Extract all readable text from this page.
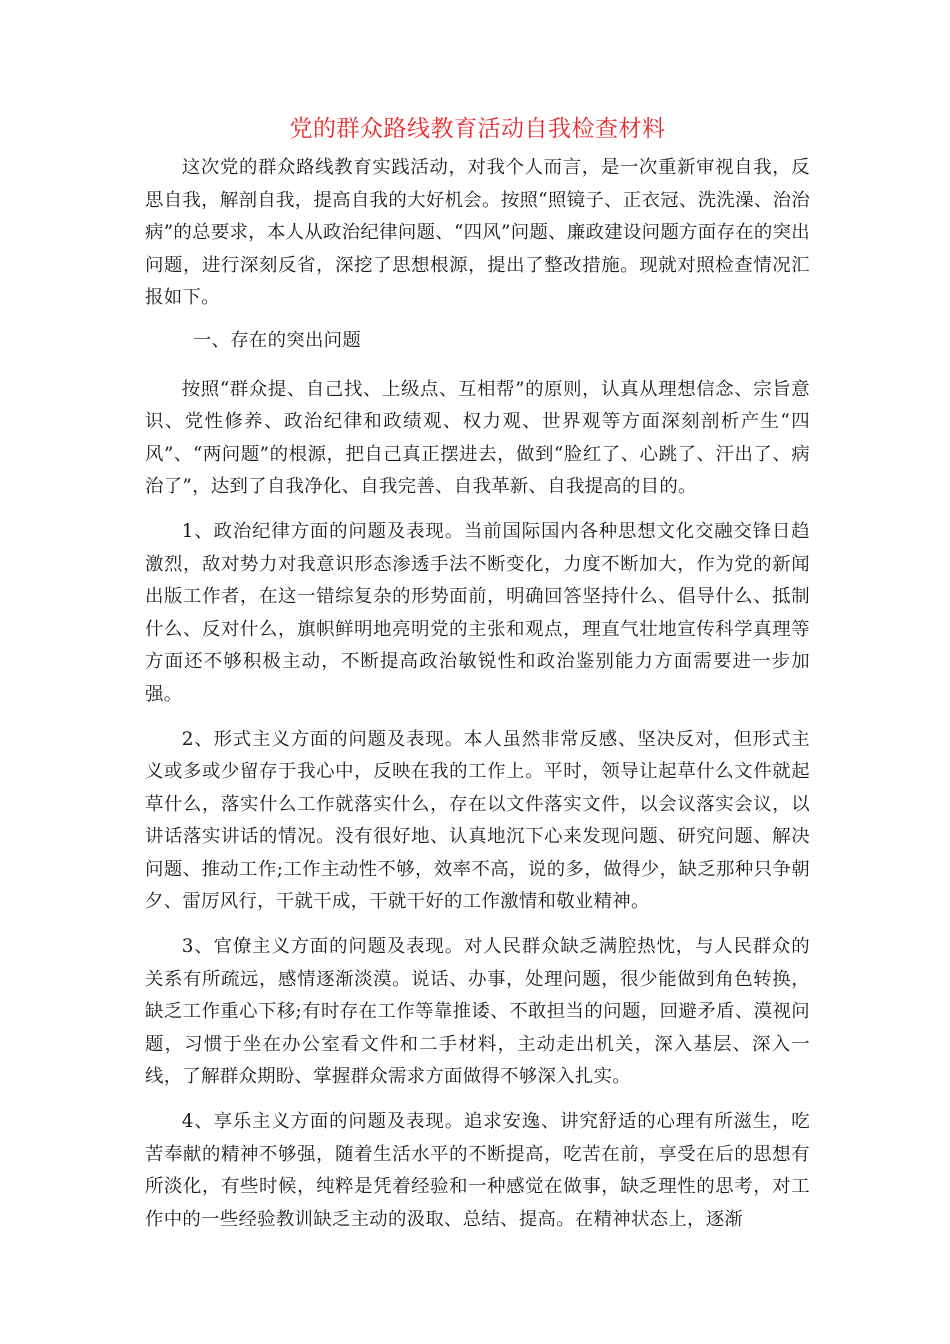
党的群众路线教育活动自我检查材料

这次党的群众路线教育实践活动，对我个人而言，是一次重新审视自我，反思自我，解剖自我，提高自我的大好机会。按照“照镜子、正衣冠、洗洗澡、治治病”的总要求，本人从政治纪律问题、“四风”问题、廉政建设问题方面存在的突出问题，进行深刻反省，深挖了思想根源，提出了整改措施。现就对照检查情况汇报如下。

一、存在的突出问题

按照“群众提、自己找、上级点、互相帮”的原则，认真从理想信念、宗旨意识、党性修养、政治纪律和政绩观、权力观、世界观等方面深刻剖析产生“四风”、“两问题”的根源，把自己真正摆进去，做到“脸红了、心跳了、汗出了、病治了”，达到了自我净化、自我完善、自我革新、自我提高的目的。

1、政治纪律方面的问题及表现。当前国际国内各种思想文化交融交锋日趋激烈，敌对势力对我意识形态渗透手法不断变化，力度不断加大，作为党的新闻出版工作者，在这一错综复杂的形势面前，明确回答坚持什么、倡导什么、抵制什么、反对什么，旗帜鲜明地亮明党的主张和观点，理直气壮地宣传科学真理等方面还不够积极主动，不断提高政治敏锐性和政治鉴别能力方面需要进一步加强。

2、形式主义方面的问题及表现。本人虽然非常反感、坚决反对，但形式主义或多或少留存于我心中，反映在我的工作上。平时，领导让起草什么文件就起草什么，落实什么工作就落实什么，存在以文件落实文件，以会议落实会议，以讲话落实讲话的情况。没有很好地、认真地沉下心来发现问题、研究问题、解决问题、推动工作;工作主动性不够，效率不高，说的多，做得少，缺乏那种只争朝夕、雷厉风行，干就干成，干就干好的工作激情和敬业精神。

3、官僚主义方面的问题及表现。对人民群众缺乏满腔热忱，与人民群众的关系有所疏远，感情逐渐淡漠。说话、办事，处理问题，很少能做到角色转换，缺乏工作重心下移;有时存在工作等靠推诿、不敢担当的问题，回避矛盾、漠视问题，习惯于坐在办公室看文件和二手材料，主动走出机关，深入基层、深入一线，了解群众期盼、掌握群众需求方面做得不够深入扎实。

4、享乐主义方面的问题及表现。追求安逸、讲究舒适的心理有所滋生，吃苦奉献的精神不够强，随着生活水平的不断提高，吃苦在前，享受在后的思想有所淡化，有些时候，纯粹是凭着经验和一种感觉在做事，缺乏理性的思考，对工作中的一些经验教训缺乏主动的汲取、总结、提高。在精神状态上，逐渐
